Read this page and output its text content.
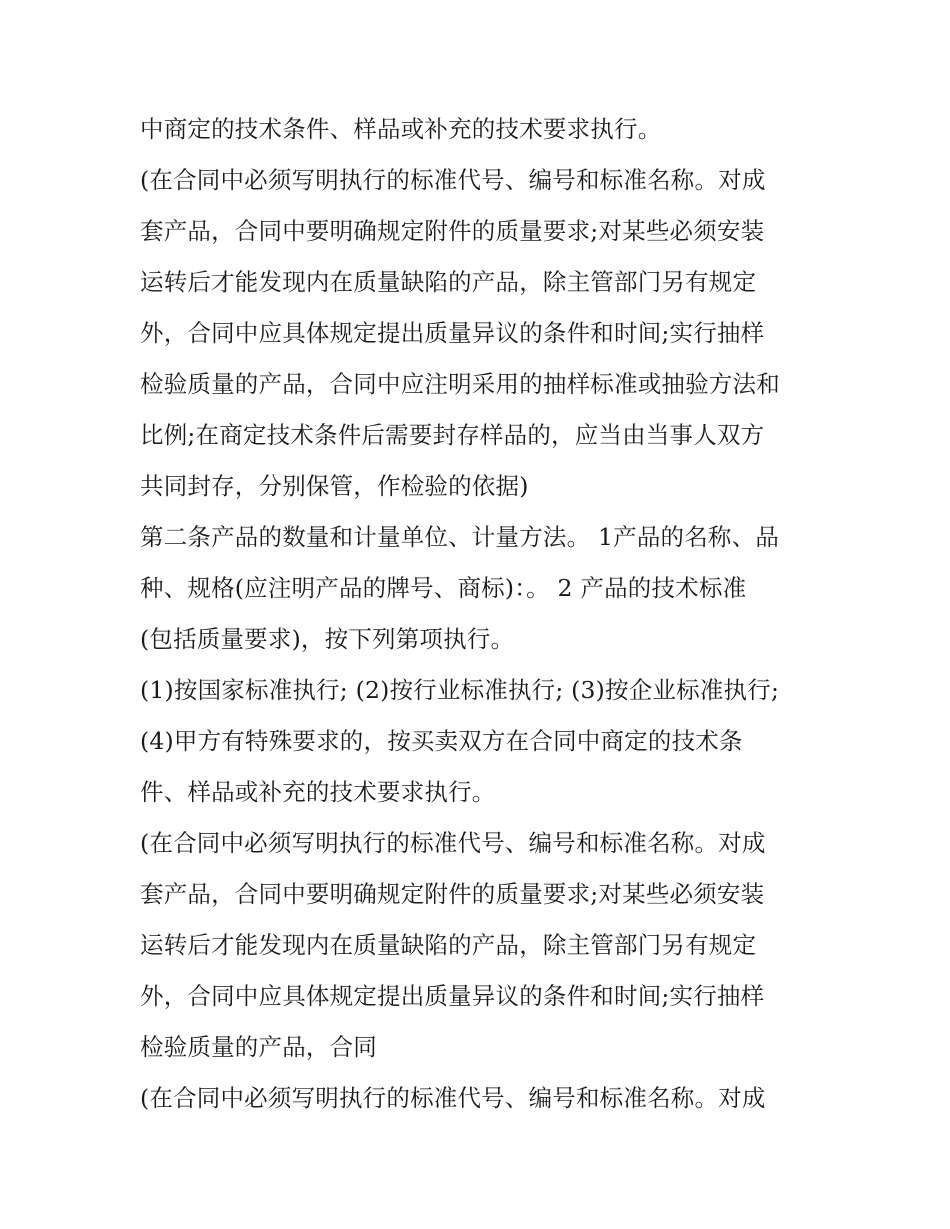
中商定的技术条件、样品或补充的技术要求执行。
(在合同中必须写明执行的标准代号、编号和标准名称。对成
套产品，合同中要明确规定附件的质量要求;对某些必须安装
运转后才能发现内在质量缺陷的产品，除主管部门另有规定
外，合同中应具体规定提出质量异议的条件和时间;实行抽样
检验质量的产品，合同中应注明采用的抽样标准或抽验方法和
比例;在商定技术条件后需要封存样品的，应当由当事人双方
共同封存，分别保管，作检验的依据)
第二条产品的数量和计量单位、计量方法。 1产品的名称、品
种、规格(应注明产品的牌号、商标)：。 2 产品的技术标准
(包括质量要求)，按下列第项执行。
(1)按国家标准执行; (2)按行业标准执行; (3)按企业标准执行;
(4)甲方有特殊要求的，按买卖双方在合同中商定的技术条
件、样品或补充的技术要求执行。
(在合同中必须写明执行的标准代号、编号和标准名称。对成
套产品，合同中要明确规定附件的质量要求;对某些必须安装
运转后才能发现内在质量缺陷的产品，除主管部门另有规定
外，合同中应具体规定提出质量异议的条件和时间;实行抽样
检验质量的产品，合同
(在合同中必须写明执行的标准代号、编号和标准名称。对成
